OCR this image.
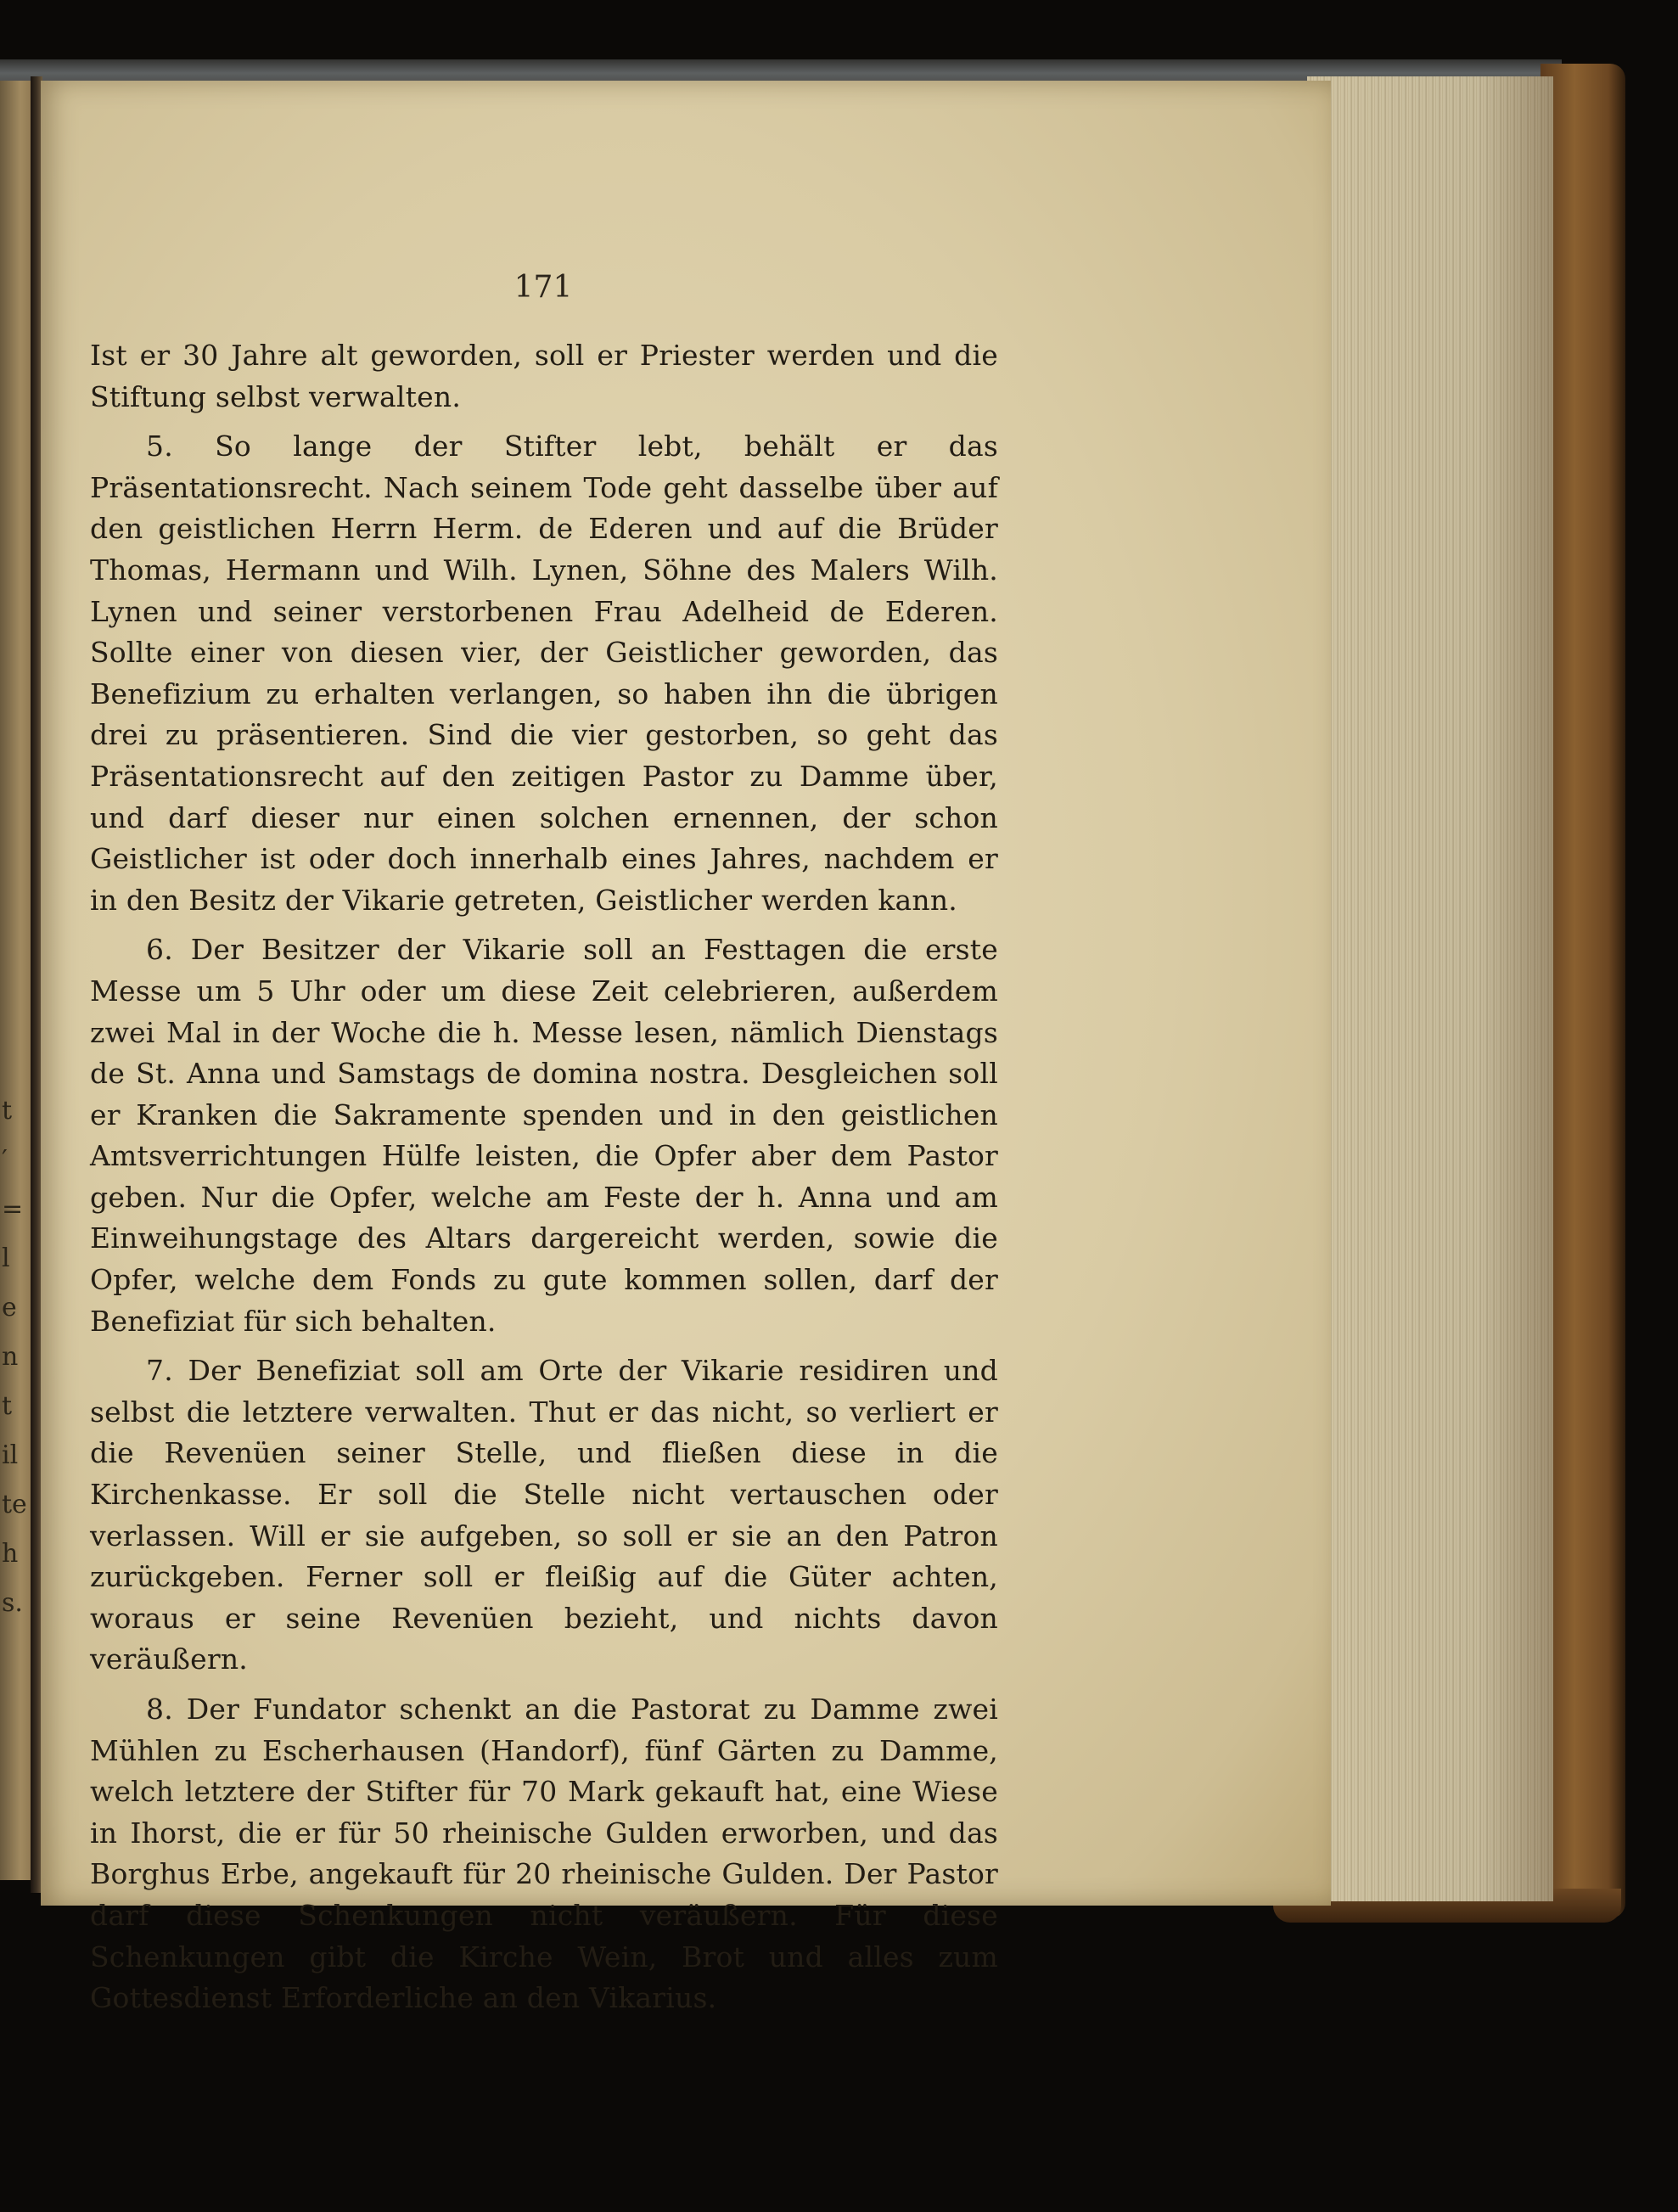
t
′
=
l
e
n
t
il
te
h
s.
171

Ist er 30 Jahre alt geworden, soll er Priester werden und die Stiftung selbst verwalten.

5. So lange der Stifter lebt, behält er das Präsentationsrecht. Nach seinem Tode geht dasselbe über auf den geistlichen Herrn Herm. de Ederen und auf die Brüder Thomas, Hermann und Wilh. Lynen, Söhne des Malers Wilh. Lynen und seiner verstorbenen Frau Adelheid de Ederen. Sollte einer von diesen vier, der Geistlicher geworden, das Benefizium zu erhalten verlangen, so haben ihn die übrigen drei zu präsentieren. Sind die vier gestorben, so geht das Präsentationsrecht auf den zeitigen Pastor zu Damme über, und darf dieser nur einen solchen ernennen, der schon Geistlicher ist oder doch innerhalb eines Jahres, nachdem er in den Besitz der Vikarie getreten, Geistlicher werden kann.

6. Der Besitzer der Vikarie soll an Festtagen die erste Messe um 5 Uhr oder um diese Zeit celebrieren, außerdem zwei Mal in der Woche die h. Messe lesen, nämlich Dienstags de St. Anna und Samstags de domina nostra. Desgleichen soll er Kranken die Sakramente spenden und in den geistlichen Amtsverrichtungen Hülfe leisten, die Opfer aber dem Pastor geben. Nur die Opfer, welche am Feste der h. Anna und am Einweihungstage des Altars dargereicht werden, sowie die Opfer, welche dem Fonds zu gute kommen sollen, darf der Benefiziat für sich behalten.

7. Der Benefiziat soll am Orte der Vikarie residiren und selbst die letztere verwalten. Thut er das nicht, so verliert er die Revenüen seiner Stelle, und fließen diese in die Kirchenkasse. Er soll die Stelle nicht vertauschen oder verlassen. Will er sie aufgeben, so soll er sie an den Patron zurückgeben. Ferner soll er fleißig auf die Güter achten, woraus er seine Revenüen bezieht, und nichts davon veräußern.

8. Der Fundator schenkt an die Pastorat zu Damme zwei Mühlen zu Escherhausen (Handorf), fünf Gärten zu Damme, welch letztere der Stifter für 70 Mark gekauft hat, eine Wiese in Ihorst, die er für 50 rheinische Gulden erworben, und das Borghus Erbe, angekauft für 20 rheinische Gulden. Der Pastor darf diese Schenkungen nicht veräußern. Für diese Schenkungen gibt die Kirche Wein, Brot und alles zum Gottesdienst Erforderliche an den Vikarius.
